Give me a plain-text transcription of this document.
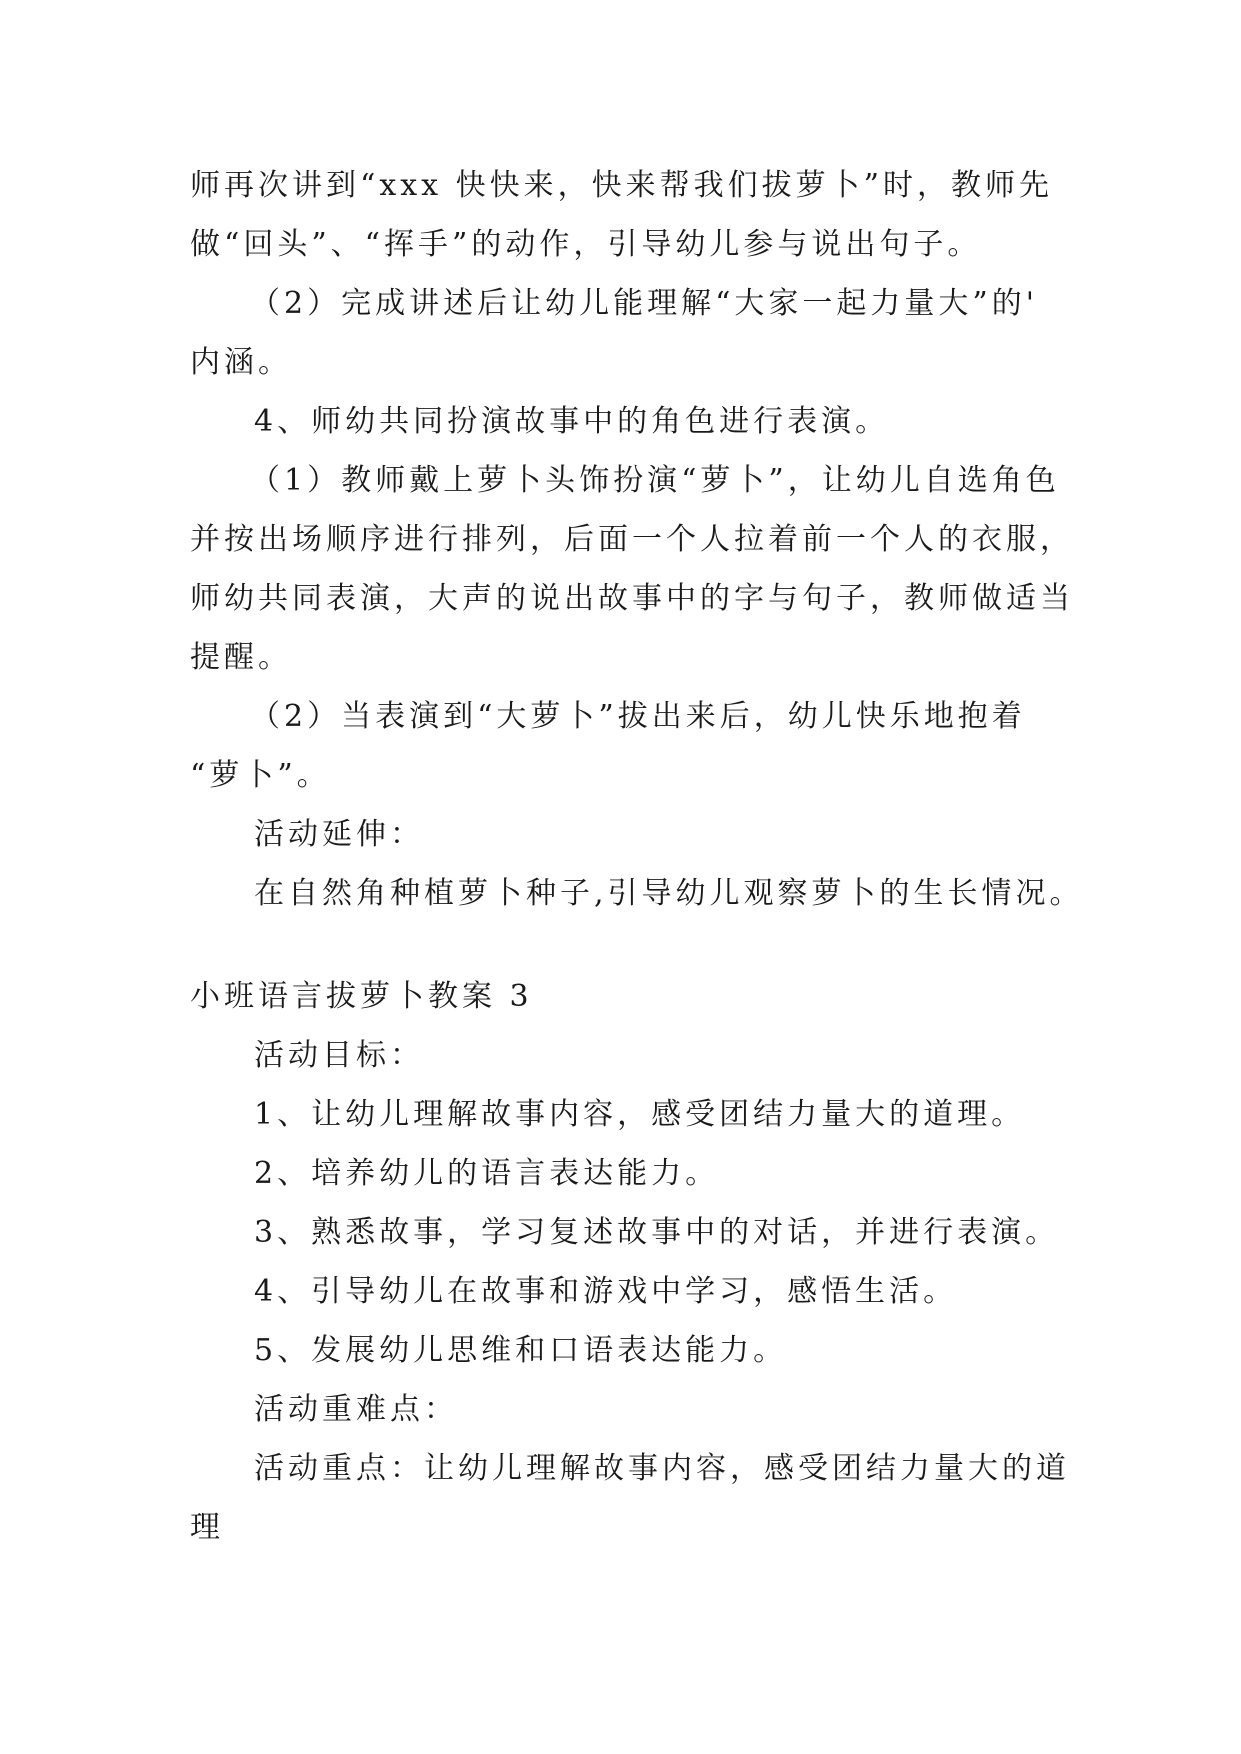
师再次讲到“xxx 快快来，快来帮我们拔萝卜”时，教师先
做“回头”、“挥手”的动作，引导幼儿参与说出句子。
（2）完成讲述后让幼儿能理解“大家一起力量大”的'
内涵。
4、师幼共同扮演故事中的角色进行表演。
（1）教师戴上萝卜头饰扮演“萝卜”，让幼儿自选角色
并按出场顺序进行排列，后面一个人拉着前一个人的衣服，
师幼共同表演，大声的说出故事中的字与句子，教师做适当
提醒。
（2）当表演到“大萝卜”拔出来后，幼儿快乐地抱着
“萝卜”。
活动延伸：
在自然角种植萝卜种子,引导幼儿观察萝卜的生长情况。
小班语言拔萝卜教案 3
活动目标：
1、让幼儿理解故事内容，感受团结力量大的道理。
2、培养幼儿的语言表达能力。
3、熟悉故事，学习复述故事中的对话，并进行表演。
4、引导幼儿在故事和游戏中学习，感悟生活。
5、发展幼儿思维和口语表达能力。
活动重难点：
活动重点：让幼儿理解故事内容，感受团结力量大的道
理
